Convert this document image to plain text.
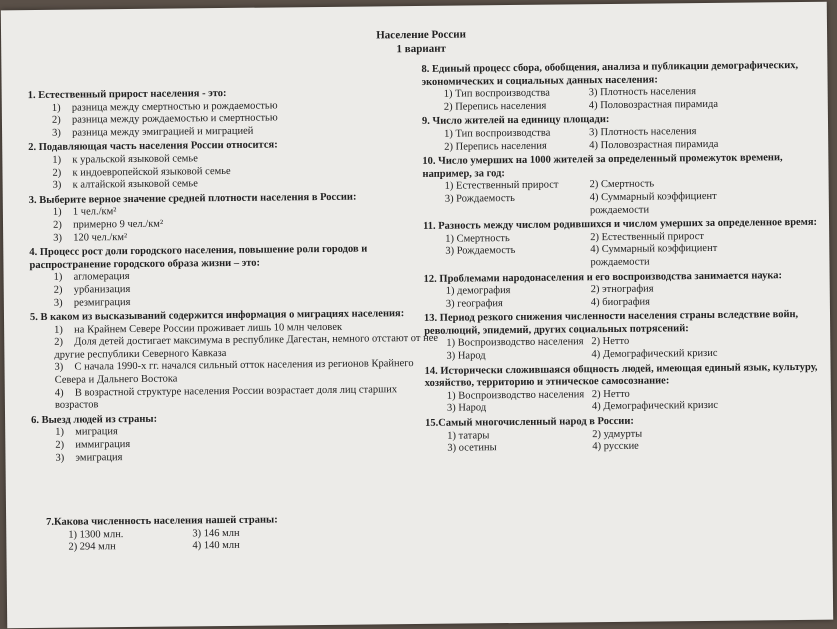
Население России
1 вариант
1. Естественный прирост населения - это:
1) разница между смертностью и рождаемостью
2) разница между рождаемостью и смертностью
3) разница между эмиграцией и миграцией
2. Подавляющая часть населения России относится:
1) к уральской языковой семье
2) к индоевропейской языковой семье
3) к алтайской языковой семье
3. Выберите верное значение средней плотности населения в России:
1) 1 чел./км²
2) примерно 9 чел./км²
3) 120 чел./км²
4. Процесс рост доли городского населения, повышение роли городов и распространение городского образа жизни – это:
1) агломерация
2) урбанизация
3) резмиграция
5. В каком из высказываний содержится информация о миграциях населения:
1) на Крайнем Севере России проживает лишь 10 млн человек
2) Доля детей достигает максимума в республике Дагестан, немного отстают от нее другие республики Северного Кавказа
3) С начала 1990-х гг. начался сильный отток населения из регионов Крайнего Севера и Дальнего Востока
4) В возрастной структуре населения России возрастает доля лиц старших возрастов
6. Выезд людей из страны:
1) миграция
2) иммиграция
3) эмиграция
7.Какова численность населения нашей страны:
1) 1300 млн.	3) 146 млн
2) 294 млн	4) 140 млн
8. Единый процесс сбора, обобщения, анализа и публикации демографических, экономических и социальных данных населения:
1) Тип воспроизводства	3) Плотность населения
2) Перепись населения	4) Половозрастная пирамида
9. Число жителей на единицу площади:
1) Тип воспроизводства	3) Плотность населения
2) Перепись населения	4) Половозрастная пирамида
10. Число умерших на 1000 жителей за определенный промежуток времени, например, за год:
1) Естественный прирост	2) Смертность
3) Рождаемость	4) Суммарный коэффициент рождаемости
11. Разность между числом родившихся и числом умерших за определенное время:
1) Смертность	2) Естественный прирост
3) Рождаемость	4) Суммарный коэффициент рождаемости
12. Проблемами народонаселения и его воспроизводства занимается наука:
1) демография	2) этнография
3) география	4) биография
13. Период резкого снижения численности населения страны вследствие войн, революций, эпидемий, других социальных потрясений:
1) Воспроизводство населения 2) Нетто
3) Народ	4) Демографический кризис
14. Исторически сложившаяся общность людей, имеющая единый язык, культуру, хозяйство, территорию и этническое самосознание:
1) Воспроизводство населения 2) Нетто
3) Народ	4) Демографический кризис
15.Самый многочисленный народ в России:
1) татары	2) удмурты
3) осетины	4) русские
